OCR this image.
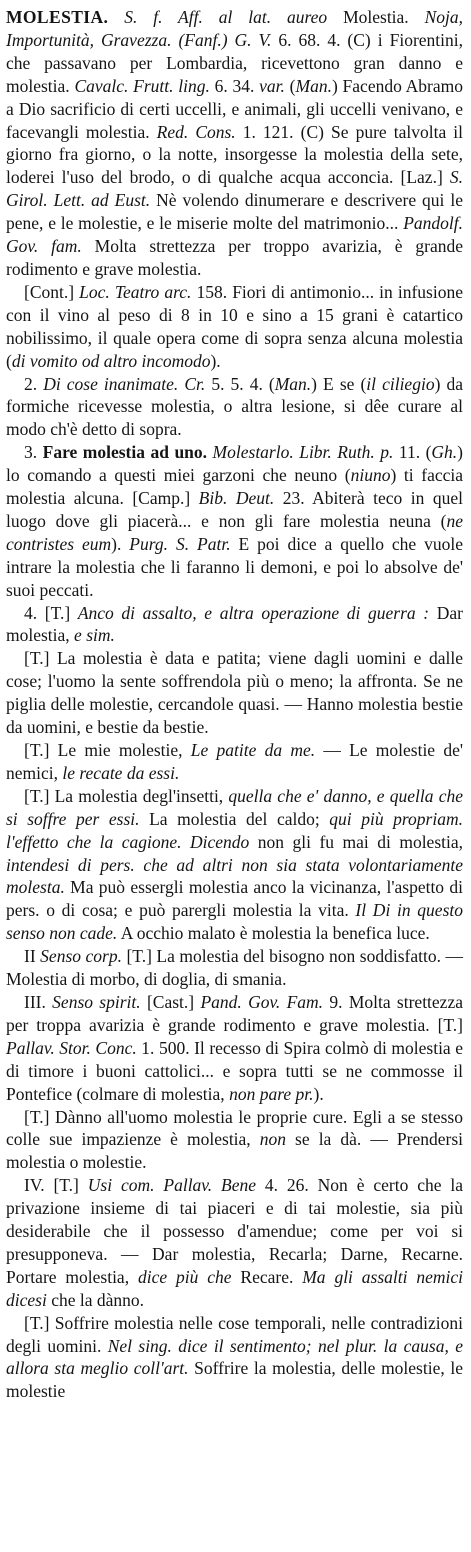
MOLESTIA. S. f. Aff. al lat. aureo Molestia. Noja, Importunità, Gravezza. (Fanf.) G. V. 6. 68. 4. (C) i Fiorentini, che passavano per Lombardia, ricevettono gran danno e molestia. Cavalc. Frutt. ling. 6. 34. var. (Man.) Facendo Abramo a Dio sacrificio di certi uccelli, e animali, gli uccelli venivano, e facevangli molestia. Red. Cons. 1. 121. (C) Se pure talvolta il giorno fra giorno, o la notte, insorgesse la molestia della sete, loderei l'uso del brodo, o di qualche acqua acconcia. [Laz.] S. Girol. Lett. ad Eust. Nè volendo dinumerare e descrivere qui le pene, e le molestie, e le miserie molte del matrimonio... Pandolf. Gov. fam. Molta strettezza per troppo avarizia, è grande rodimento e grave molestia.

[Cont.] Loc. Teatro arc. 158. Fiori di antimonio... in infusione con il vino al peso di 8 in 10 e sino a 15 grani è catartico nobilissimo, il quale opera come di sopra senza alcuna molestia (di vomito od altro incomodo).

2. Di cose inanimate. Cr. 5. 5. 4. (Man.) E se (il ciliegio) da formiche ricevesse molestia, o altra lesione, si dêe curare al modo ch'è detto di sopra.

3. Fare molestia ad uno. Molestarlo. Libr. Ruth. p. 11. (Gh.) lo comando a questi miei garzoni che neuno (niuno) ti faccia molestia alcuna. [Camp.] Bib. Deut. 23. Abiterà teco in quel luogo dove gli piacerà... e non gli fare molestia neuna (ne contristes eum). Purg. S. Patr. E poi dice a quello che vuole intrare la molestia che li faranno li demoni, e poi lo absolve de' suoi peccati.

4. [T.] Anco di assalto, e altra operazione di guerra : Dar molestia, e sim.

[T.] La molestia è data e patita; viene dagli uomini e dalle cose; l'uomo la sente soffrendola più o meno; la affronta. Se ne piglia delle molestie, cercandole quasi. — Hanno molestia bestie da uomini, e bestie da bestie.

[T.] Le mie molestie, Le patite da me. — Le molestie de' nemici, le recate da essi.

[T.] La molestia degl'insetti, quella che e' danno, e quella che si soffre per essi. La molestia del caldo; qui più propriam. l'effetto che la cagione. Dicendo non gli fu mai di molestia, intendesi di pers. che ad altri non sia stata volontariamente molesta. Ma può essergli molestia anco la vicinanza, l'aspetto di pers. o di cosa; e può parergli molestia la vita. Il Di in questo senso non cade. A occhio malato è molestia la benefica luce.

II Senso corp. [T.] La molestia del bisogno non soddisfatto. — Molestia di morbo, di doglia, di smania.

III. Senso spirit. [Cast.] Pand. Gov. Fam. 9. Molta strettezza per troppa avarizia è grande rodimento e grave molestia. [T.] Pallav. Stor. Conc. 1. 500. Il recesso di Spira colmò di molestia e di timore i buoni cattolici... e sopra tutti se ne commosse il Pontefice (colmare di molestia, non pare pr.).

[T.] Dànno all'uomo molestia le proprie cure. Egli a se stesso colle sue impazienze è molestia, non se la dà. — Prendersi molestia o molestie.

IV. [T.] Usi com. Pallav. Bene 4. 26. Non è certo che la privazione insieme di tai piaceri e di tai molestie, sia più desiderabile che il possesso d'amendue; come per voi si presupponeva. — Dar molestia, Recarla; Darne, Recarne. Portare molestia, dice più che Recare. Ma gli assalti nemici dicesi che la dànno.

[T.] Soffrire molestia nelle cose temporali, nelle contradizioni degli uomini. Nel sing. dice il sentimento; nel plur. la causa, e allora sta meglio coll'art. Soffrire la molestia, delle molestie, le molestie
